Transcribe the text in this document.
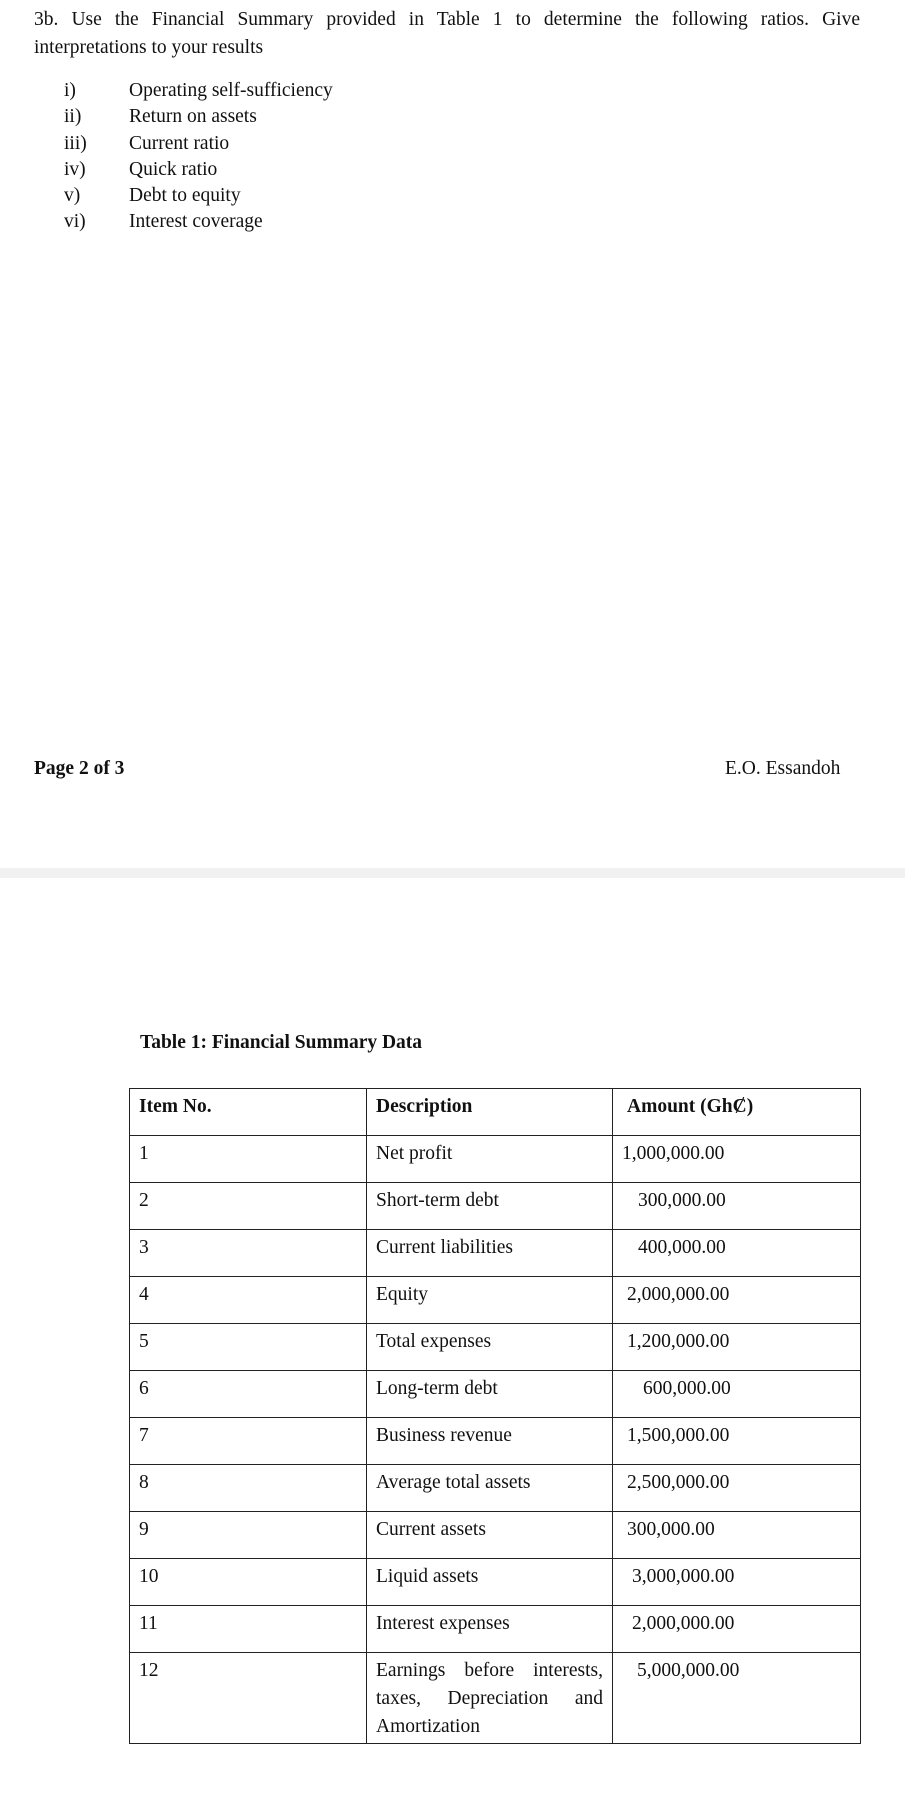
3b. Use the Financial Summary provided in Table 1 to determine the following ratios. Give interpretations to your results

i)	Operating self-sufficiency
ii) Return on assets
iii) Current ratio
iv) Quick ratio
v)	Debt to equity
vi) Interest coverage
Page 2 of 3	E.O. Essandoh
Table 1: Financial Summary Data
Item No.	Description	Amount (GhȻ)
1	Net profit	1,000,000.00
2	Short-term debt	300,000.00
3	Current liabilities	400,000.00
4	Equity	2,000,000.00
5	Total expenses	1,200,000.00
6	Long-term debt	600,000.00
7	Business revenue	1,500,000.00
8	Average total assets	2,500,000.00
9	Current assets	300,000.00
10	Liquid assets	3,000,000.00
11	Interest expenses	2,000,000.00
12	Earnings before interests, taxes, Depreciation and Amortization	5,000,000.00
